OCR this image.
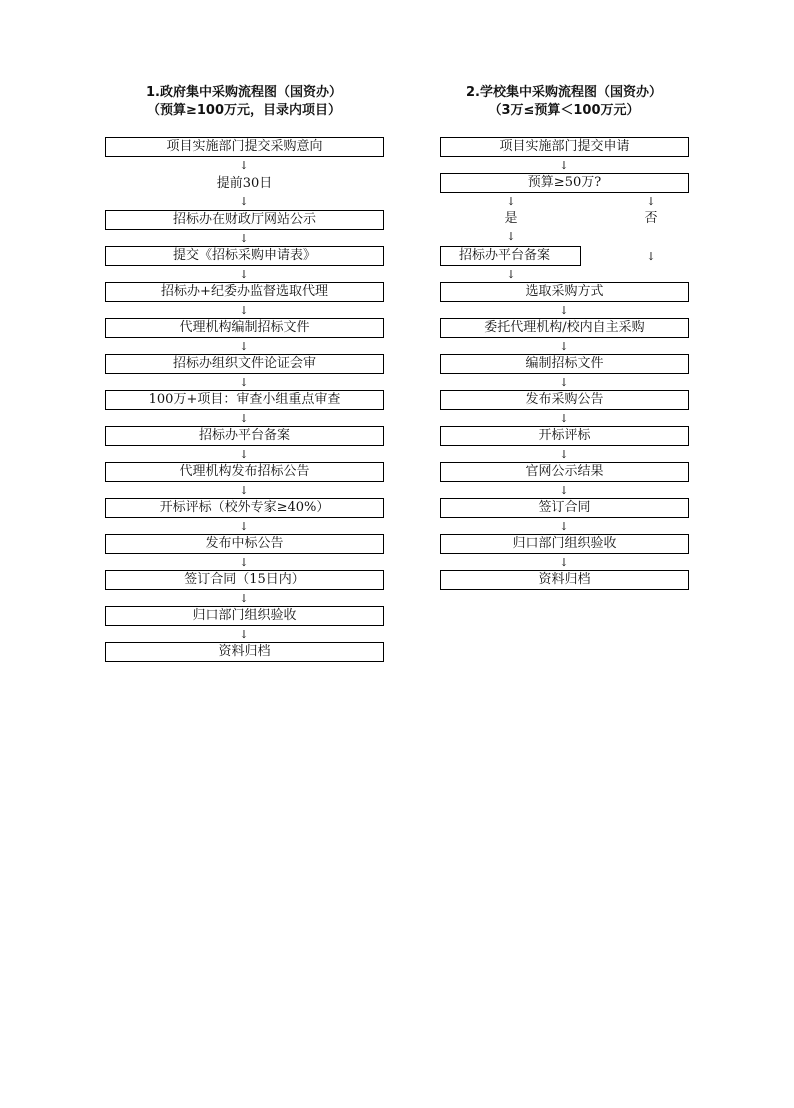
1.政府集中采购流程图（国资办）
（预算≥100万元，目录内项目）
项目实施部门提交采购意向
↓
提前30日
↓
招标办在财政厅网站公示
↓
提交《招标采购申请表》
↓
招标办+纪委办监督选取代理
↓
代理机构编制招标文件
↓
招标办组织文件论证会审
↓
100万+项目：审查小组重点审查
↓
招标办平台备案
↓
代理机构发布招标公告
↓
开标评标（校外专家≥40%）
↓
发布中标公告
↓
签订合同（15日内）
↓
归口部门组织验收
↓
资料归档
2.学校集中采购流程图（国资办）
（3万≤预算＜100万元）
项目实施部门提交申请
↓
预算≥50万?
↓
↓
是	否
↓
招标办平台备案
↓
↓
选取采购方式
↓
委托代理机构/校内自主采购
↓
编制招标文件
↓
发布采购公告
↓
开标评标
↓
官网公示结果
↓
签订合同
↓
归口部门组织验收
↓
资料归档
